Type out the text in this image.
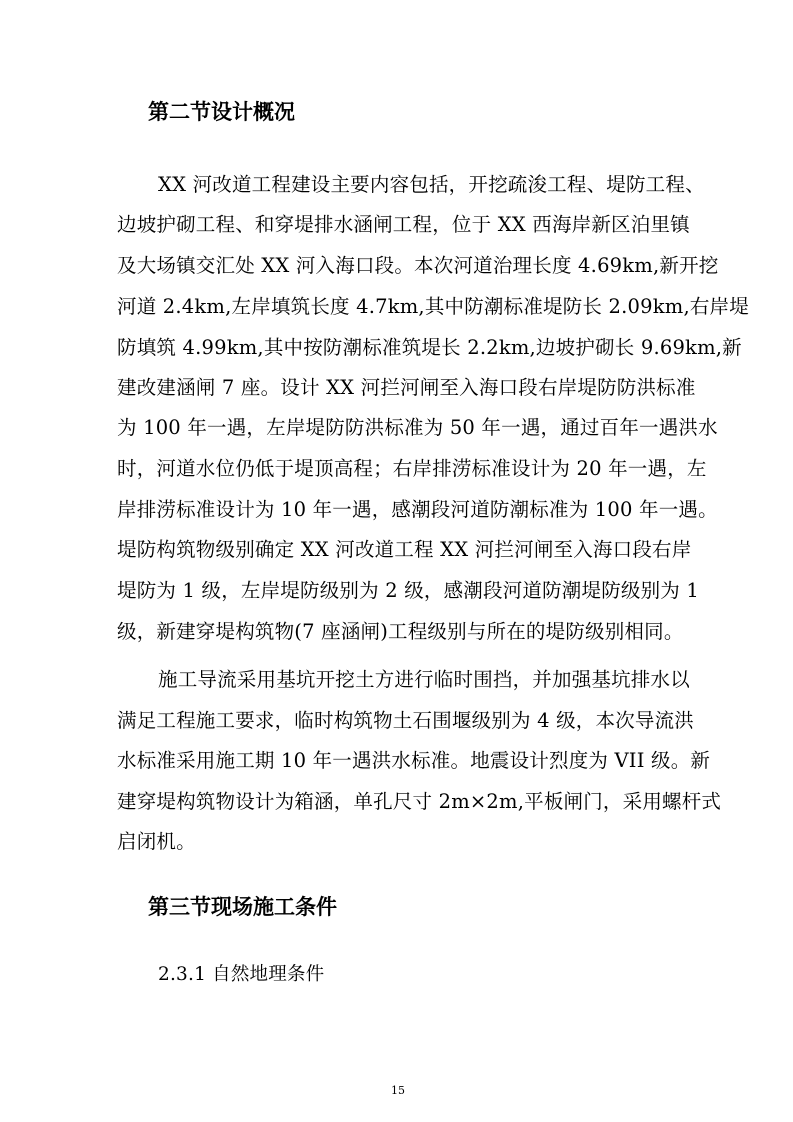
第二节设计概况
XX 河改道工程建设主要内容包括，开挖疏浚工程、堤防工程、
边坡护砌工程、和穿堤排水涵闸工程，位于 XX 西海岸新区泊里镇
及大场镇交汇处 XX 河入海口段。本次河道治理长度 4.69km,新开挖
河道 2.4km,左岸填筑长度 4.7km,其中防潮标准堤防长 2.09km,右岸堤
防填筑 4.99km,其中按防潮标准筑堤长 2.2km,边坡护砌长 9.69km,新
建改建涵闸 7 座。设计 XX 河拦河闸至入海口段右岸堤防防洪标准
为 100 年一遇，左岸堤防防洪标准为 50 年一遇，通过百年一遇洪水
时，河道水位仍低于堤顶高程；右岸排涝标准设计为 20 年一遇，左
岸排涝标准设计为 10 年一遇，感潮段河道防潮标准为 100 年一遇。
堤防构筑物级别确定 XX 河改道工程 XX 河拦河闸至入海口段右岸
堤防为 1 级，左岸堤防级别为 2 级，感潮段河道防潮堤防级别为 1
级，新建穿堤构筑物(7 座涵闸)工程级别与所在的堤防级别相同。
施工导流采用基坑开挖土方进行临时围挡，并加强基坑排水以
满足工程施工要求，临时构筑物土石围堰级别为 4 级，本次导流洪
水标准采用施工期 10 年一遇洪水标准。地震设计烈度为 VII 级。新
建穿堤构筑物设计为箱涵，单孔尺寸 2m×2m,平板闸门，采用螺杆式
启闭机。
第三节现场施工条件
2.3.1 自然地理条件
15
